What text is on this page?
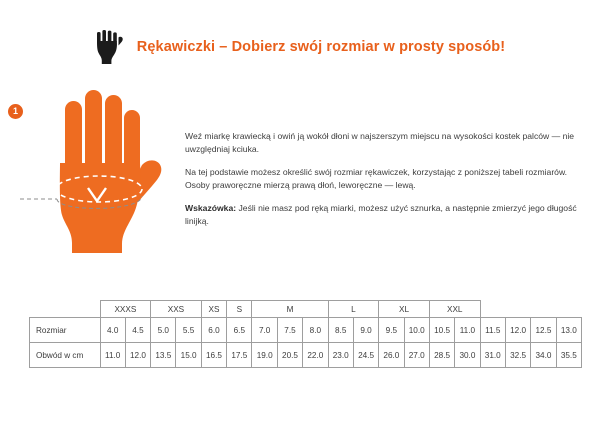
Rękawiczki – Dobierz swój rozmiar w prosty sposób!
1

Weź miarkę krawiecką i owiń ją wokół dłoni w najszerszym miejscu na wysokości kostek palców — nie uwzględniaj kciuka.

Na tej podstawie możesz określić swój rozmiar rękawiczek, korzystając z poniższej tabeli rozmiarów.

Osoby praworęczne mierzą prawą dłoń, leworęczne — lewą.

Wskazówka: Jeśli nie masz pod ręką miarki, możesz użyć sznurka, a następnie zmierzyć jego długość linijką.

	XXXS		XXS		XS	S	M			L		XL		XXL					
Rozmiar	4.0	4.5	5.0	5.5	6.0	6.5	7.0	7.5	8.0	8.5	9.0	9.5	10.0	10.5	11.0	11.5	12.0	12.5	13.0
Obwód w cm	11.0	12.0	13.5	15.0	16.5	17.5	19.0	20.5	22.0	23.0	24.5	26.0	27.0	28.5	30.0	31.0	32.5	34.0	35.5
